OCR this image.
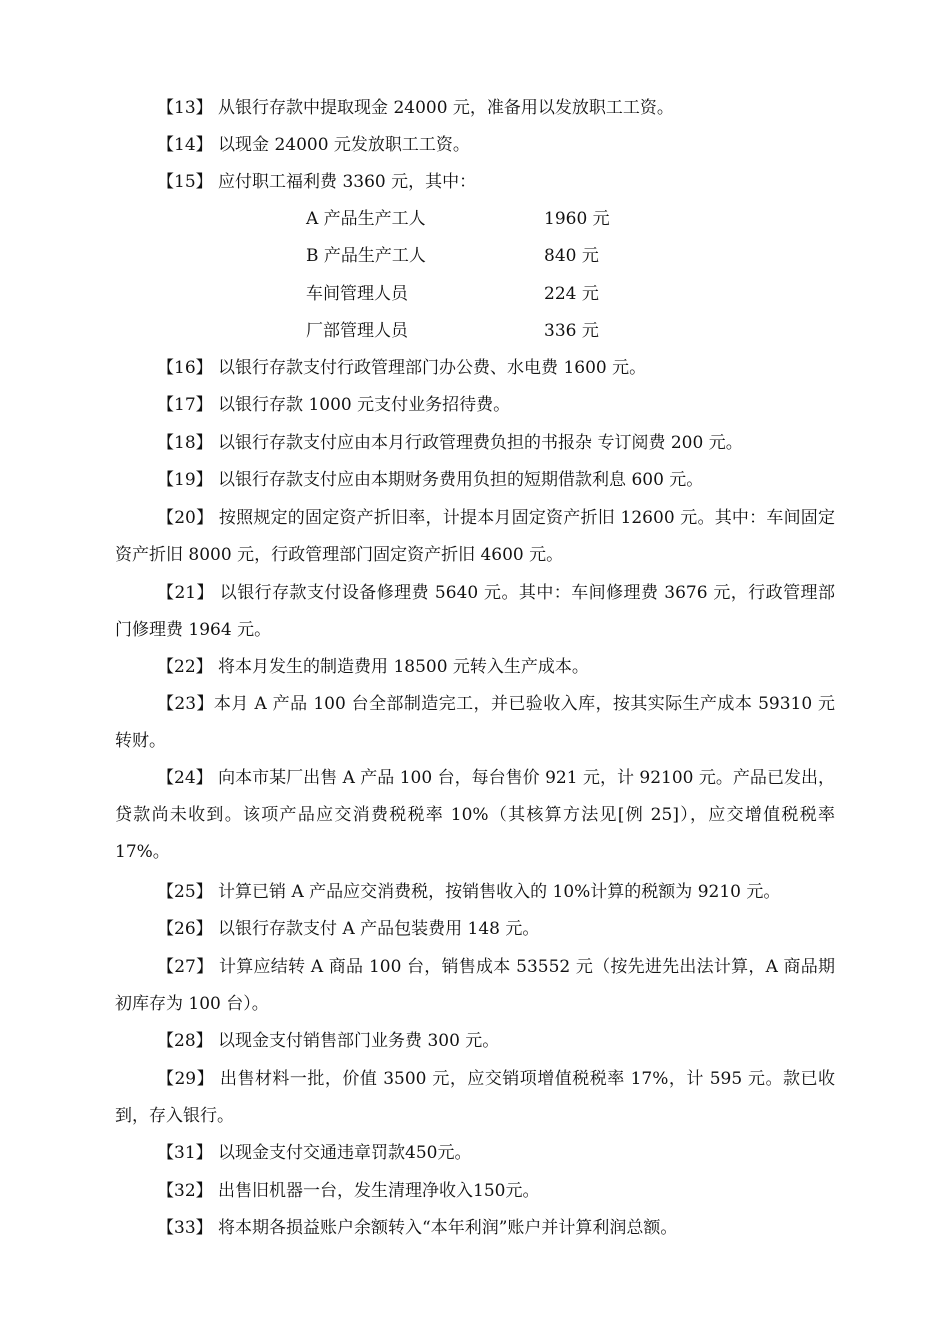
【13】 从银行存款中提取现金 24000 元，准备用以发放职工工资。
【14】 以现金 24000 元发放职工工资。
【15】 应付职工福利费 3360 元，其中：
A 产品生产工人	1960 元
B 产品生产工人	840 元
车间管理人员	224 元
厂部管理人员	336 元
【16】 以银行存款支付行政管理部门办公费、水电费 1600 元。
【17】 以银行存款 1000 元支付业务招待费。
【18】 以银行存款支付应由本月行政管理费负担的书报杂 专订阅费 200 元。
【19】 以银行存款支付应由本期财务费用负担的短期借款利息 600 元。
【20】 按照规定的固定资产折旧率，计提本月固定资产折旧 12600 元。其中：车间固定资产折旧 8000 元，行政管理部门固定资产折旧 4600 元。
【21】 以银行存款支付设备修理费 5640 元。其中：车间修理费 3676 元，行政管理部门修理费 1964 元。
【22】 将本月发生的制造费用 18500 元转入生产成本。
【23】本月 A 产品 100 台全部制造完工，并已验收入库，按其实际生产成本 59310 元转财。
【24】 向本市某厂出售 A 产品 100 台，每台售价 921 元，计 92100 元。产品已发出，贷款尚未收到。该项产品应交消费税税率 10%（其核算方法见[例 25]），应交增值税税率 17%。
【25】 计算已销 A 产品应交消费税，按销售收入的 10%计算的税额为 9210 元。
【26】 以银行存款支付 A 产品包装费用 148 元。
【27】 计算应结转 A 商品 100 台，销售成本 53552 元（按先进先出法计算，A 商品期初库存为 100 台）。
【28】 以现金支付销售部门业务费 300 元。
【29】 出售材料一批，价值 3500 元，应交销项增值税税率 17%，计 595 元。款已收到，存入银行。
【31】 以现金支付交通违章罚款450元。
【32】 出售旧机器一台，发生清理净收入150元。
【33】 将本期各损益账户余额转入“本年利润”账户并计算利润总额。
